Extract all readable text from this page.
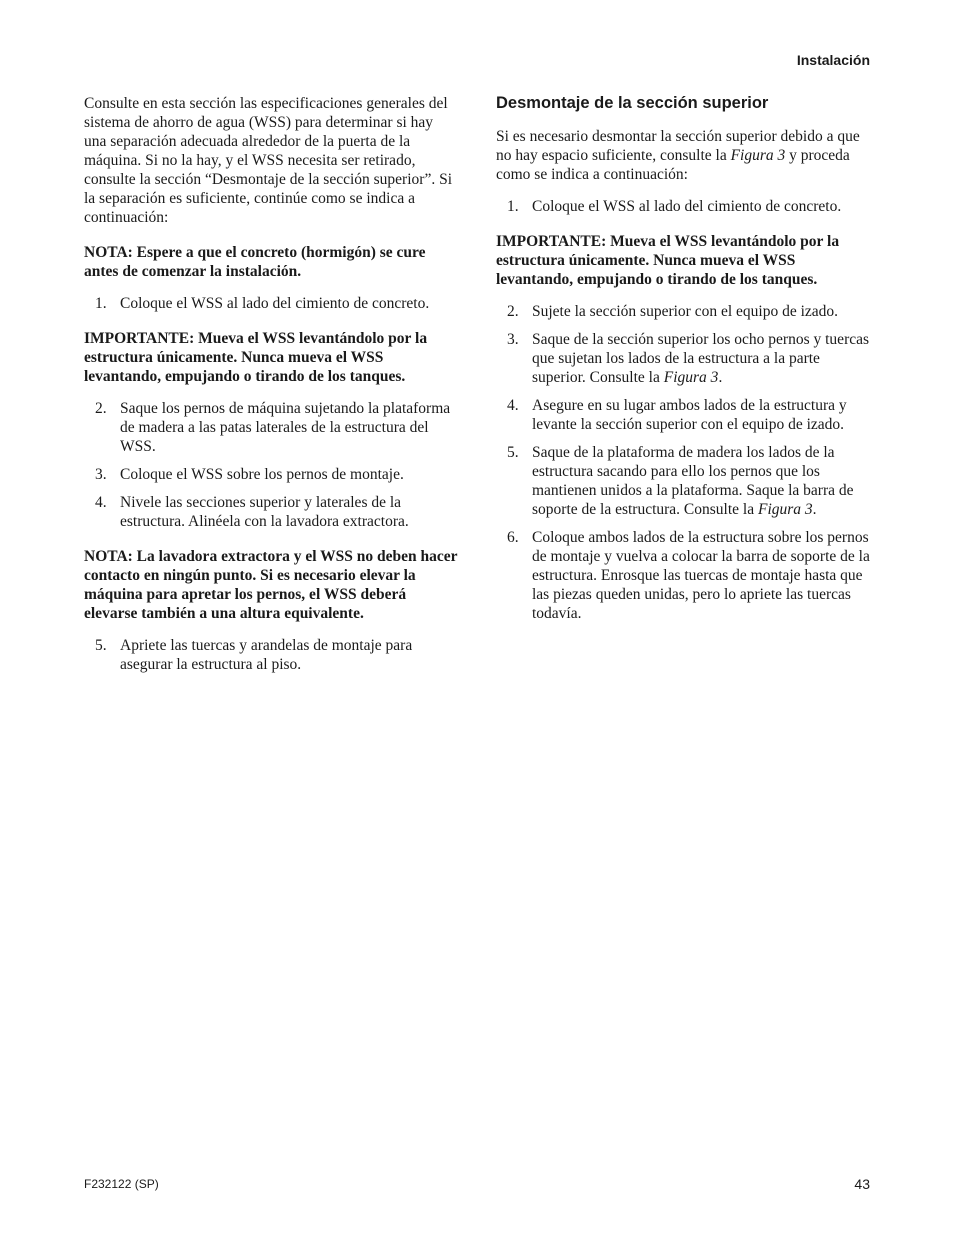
Instalación

Consulte en esta sección las especificaciones generales del sistema de ahorro de agua (WSS) para determinar si hay una separación adecuada alrededor de la puerta de la máquina. Si no la hay, y el WSS necesita ser retirado, consulte la sección “Desmontaje de la sección superior”. Si la separación es suficiente, continúe como se indica a continuación:

NOTA: Espere a que el concreto (hormigón) se cure antes de comenzar la instalación.

1. Coloque el WSS al lado del cimiento de concreto.

IMPORTANTE: Mueva el WSS levantándolo por la estructura únicamente. Nunca mueva el WSS levantando, empujando o tirando de los tanques.

2. Saque los pernos de máquina sujetando la plataforma de madera a las patas laterales de la estructura del WSS.
3. Coloque el WSS sobre los pernos de montaje.
4. Nivele las secciones superior y laterales de la estructura. Alinéela con la lavadora extractora.

NOTA: La lavadora extractora y el WSS no deben hacer contacto en ningún punto. Si es necesario elevar la máquina para apretar los pernos, el WSS deberá elevarse también a una altura equivalente.

5. Apriete las tuercas y arandelas de montaje para asegurar la estructura al piso.
Desmontaje de la sección superior

Si es necesario desmontar la sección superior debido a que no hay espacio suficiente, consulte la Figura 3 y proceda como se indica a continuación:

1. Coloque el WSS al lado del cimiento de concreto.

IMPORTANTE: Mueva el WSS levantándolo por la estructura únicamente. Nunca mueva el WSS levantando, empujando o tirando de los tanques.

2. Sujete la sección superior con el equipo de izado.
3. Saque de la sección superior los ocho pernos y tuercas que sujetan los lados de la estructura a la parte superior. Consulte la Figura 3.
4. Asegure en su lugar ambos lados de la estructura y levante la sección superior con el equipo de izado.
5. Saque de la plataforma de madera los lados de la estructura sacando para ello los pernos que los mantienen unidos a la plataforma. Saque la barra de soporte de la estructura. Consulte la Figura 3.
6. Coloque ambos lados de la estructura sobre los pernos de montaje y vuelva a colocar la barra de soporte de la estructura. Enrosque las tuercas de montaje hasta que las piezas queden unidas, pero lo apriete las tuercas todavía.
F232122 (SP)	43
